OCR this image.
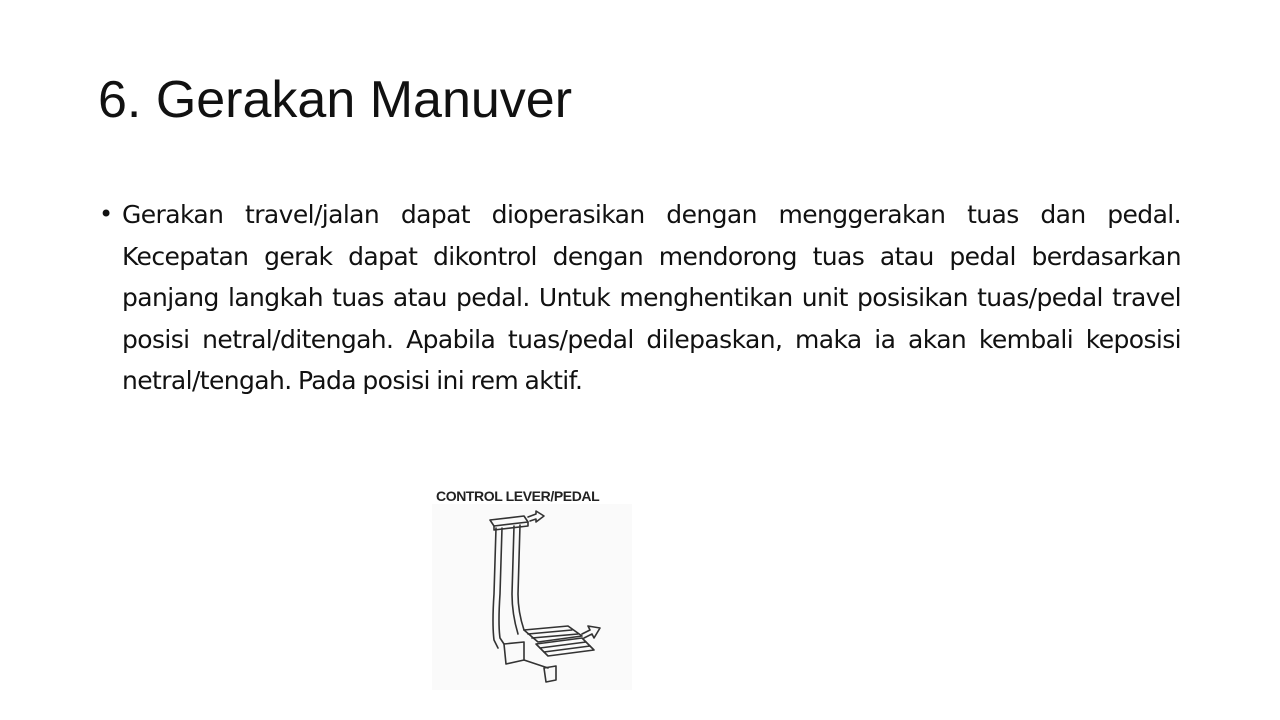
6. Gerakan Manuver
• Gerakan travel/jalan dapat dioperasikan dengan menggerakan tuas dan pedal. Kecepatan gerak dapat dikontrol dengan mendorong tuas atau pedal berdasarkan panjang langkah tuas atau pedal. Untuk menghentikan unit posisikan tuas/pedal travel posisi netral/ditengah. Apabila tuas/pedal dilepaskan, maka ia akan kembali keposisi netral/tengah. Pada posisi ini rem aktif.
CONTROL LEVER/PEDAL
